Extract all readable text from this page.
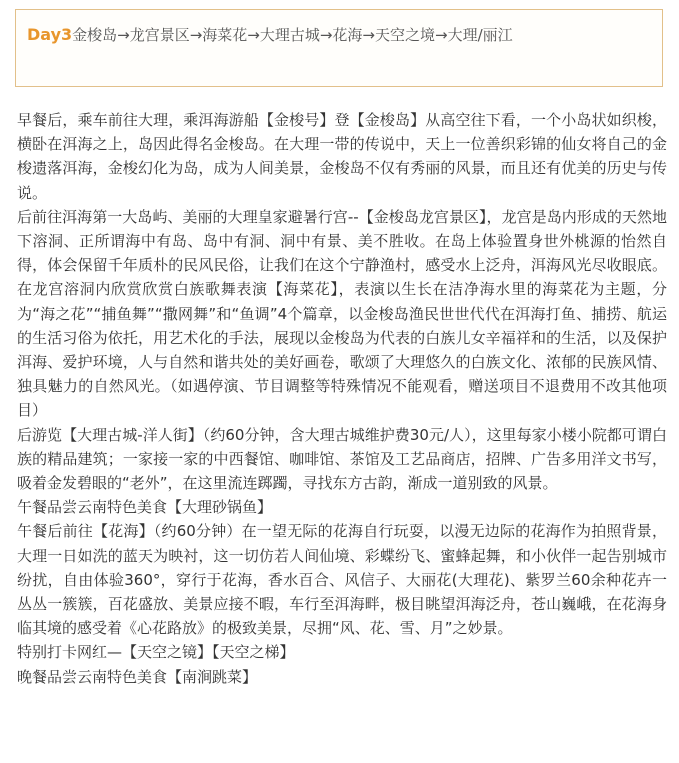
Day3金梭岛→龙宫景区→海菜花→大理古城→花海→天空之境→大理/丽江

早餐后，乘车前往大理，乘洱海游船【金梭号】登【金梭岛】从高空往下看，一个小岛状如织梭，横卧在洱海之上，岛因此得名金梭岛。在大理一带的传说中，天上一位善织彩锦的仙女将自己的金梭遗落洱海，金梭幻化为岛，成为人间美景，金梭岛不仅有秀丽的风景，而且还有优美的历史与传说。

后前往洱海第一大岛屿、美丽的大理皇家避暑行宫--【金梭岛龙宫景区】，龙宫是岛内形成的天然地下溶洞、正所谓海中有岛、岛中有洞、洞中有景、美不胜收。在岛上体验置身世外桃源的怡然自得，体会保留千年质朴的民风民俗，让我们在这个宁静渔村，感受水上泛舟，洱海风光尽收眼底。在龙宫溶洞内欣赏欣赏白族歌舞表演【海菜花】，表演以生长在洁净海水里的海菜花为主题，分为“海之花”“捕鱼舞”“撒网舞”和“鱼调”4个篇章，以金梭岛渔民世世代代在洱海打鱼、捕捞、航运的生活习俗为依托，用艺术化的手法，展现以金梭岛为代表的白族儿女辛福祥和的生活，以及保护洱海、爱护环境，人与自然和谐共处的美好画卷，歌颂了大理悠久的白族文化、浓郁的民族风情、独具魅力的自然风光。（如遇停演、节目调整等特殊情况不能观看，赠送项目不退费用不改其他项目）

后游览【大理古城-洋人街】（约60分钟，含大理古城维护费30元/人），这里每家小楼小院都可谓白族的精品建筑；一家接一家的中西餐馆、咖啡馆、茶馆及工艺品商店，招牌、广告多用洋文书写，吸着金发碧眼的“老外”，在这里流连踯躅，寻找东方古韵，渐成一道别致的风景。

午餐品尝云南特色美食【大理砂锅鱼】

午餐后前往【花海】（约60分钟）在一望无际的花海自行玩耍，以漫无边际的花海作为拍照背景，大理一日如洗的蓝天为映衬，这一切仿若人间仙境、彩蝶纷飞、蜜蜂起舞，和小伙伴一起告别城市纷扰，自由体验360°，穿行于花海，香水百合、风信子、大丽花(大理花)、紫罗兰60余种花卉一丛丛一簇簇，百花盛放、美景应接不暇，车行至洱海畔，极目眺望洱海泛舟，苍山巍峨，在花海身临其境的感受着《心花路放》的极致美景，尽拥“风、花、雪、月”之妙景。

特别打卡网红—【天空之镜】【天空之梯】

晚餐品尝云南特色美食【南涧跳菜】
